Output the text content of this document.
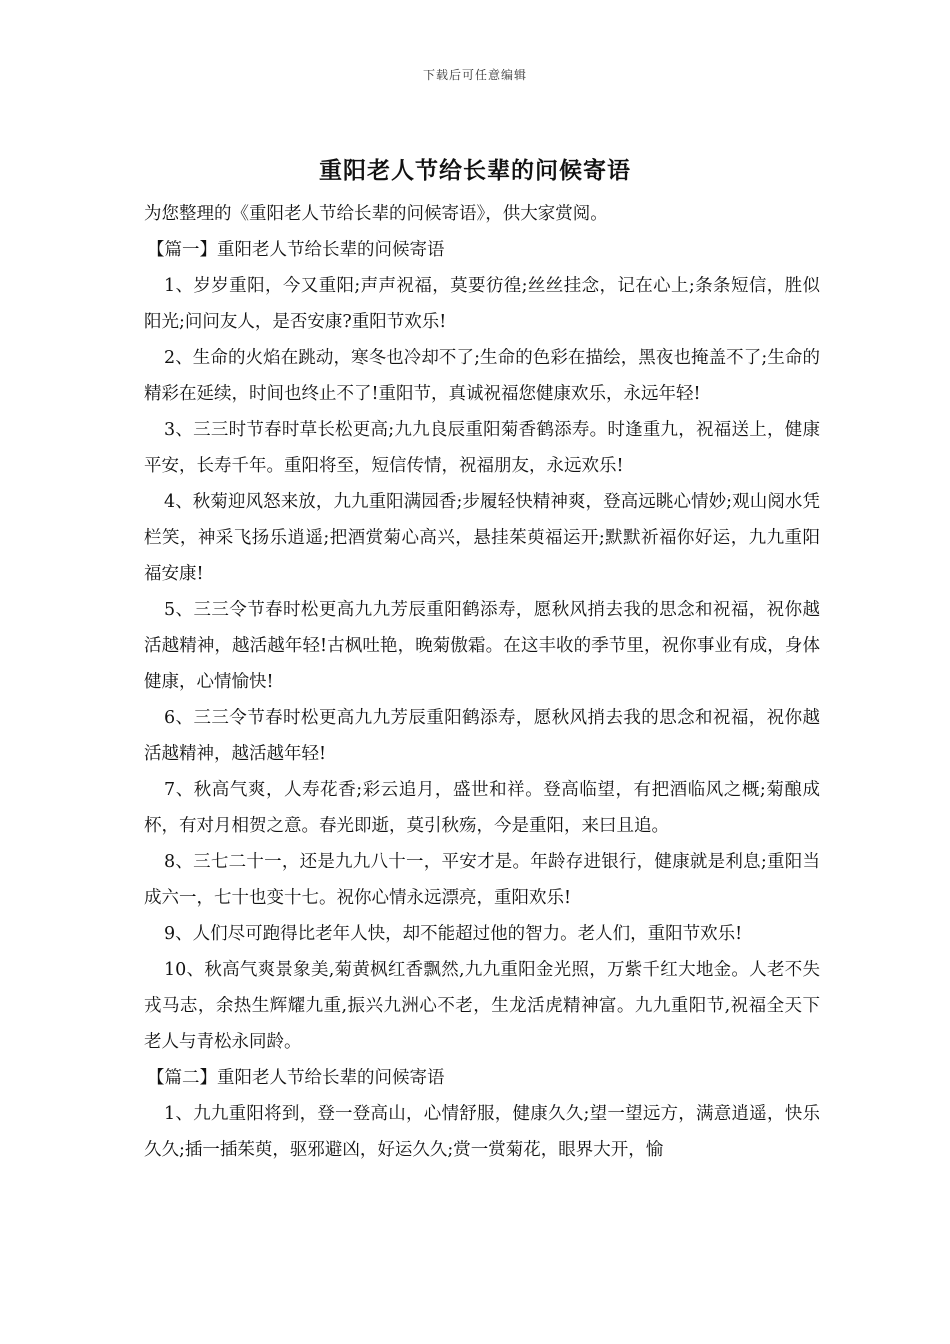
下载后可任意编辑
重阳老人节给长辈的问候寄语

为您整理的《重阳老人节给长辈的问候寄语》，供大家赏阅。

【篇一】重阳老人节给长辈的问候寄语

1、岁岁重阳，今又重阳;声声祝福，莫要彷徨;丝丝挂念，记在心上;条条短信，胜似阳光;问问友人，是否安康?重阳节欢乐!

2、生命的火焰在跳动，寒冬也冷却不了;生命的色彩在描绘，黑夜也掩盖不了;生命的精彩在延续，时间也终止不了!重阳节，真诚祝福您健康欢乐，永远年轻!

3、三三时节春时草长松更高;九九良辰重阳菊香鹤添寿。时逢重九，祝福送上，健康平安，长寿千年。重阳将至，短信传情，祝福朋友，永远欢乐!

4、秋菊迎风怒来放，九九重阳满园香;步履轻快精神爽，登高远眺心情妙;观山阅水凭栏笑，神采飞扬乐逍遥;把酒赏菊心高兴，悬挂茱萸福运开;默默祈福你好运，九九重阳福安康!

5、三三令节春时松更高九九芳辰重阳鹤添寿，愿秋风捎去我的思念和祝福，祝你越活越精神，越活越年轻!古枫吐艳，晚菊傲霜。在这丰收的季节里，祝你事业有成，身体健康，心情愉快!

6、三三令节春时松更高九九芳辰重阳鹤添寿，愿秋风捎去我的思念和祝福，祝你越活越精神，越活越年轻!

7、秋高气爽，人寿花香;彩云追月，盛世和祥。登高临望，有把酒临风之概;菊酿成杯，有对月相贺之意。春光即逝，莫引秋殇，今是重阳，来曰且追。

8、三七二十一，还是九九八十一，平安才是。年龄存进银行，健康就是利息;重阳当成六一，七十也变十七。祝你心情永远漂亮，重阳欢乐!

9、人们尽可跑得比老年人快，却不能超过他的智力。老人们，重阳节欢乐!

10、秋高气爽景象美,菊黄枫红香飘然,九九重阳金光照，万紫千红大地金。人老不失戎马志，余热生辉耀九重,振兴九洲心不老，生龙活虎精神富。九九重阳节,祝福全天下老人与青松永同龄。

【篇二】重阳老人节给长辈的问候寄语

1、九九重阳将到，登一登高山，心情舒服，健康久久;望一望远方，满意逍遥，快乐久久;插一插茱萸，驱邪避凶，好运久久;赏一赏菊花，眼界大开，愉
